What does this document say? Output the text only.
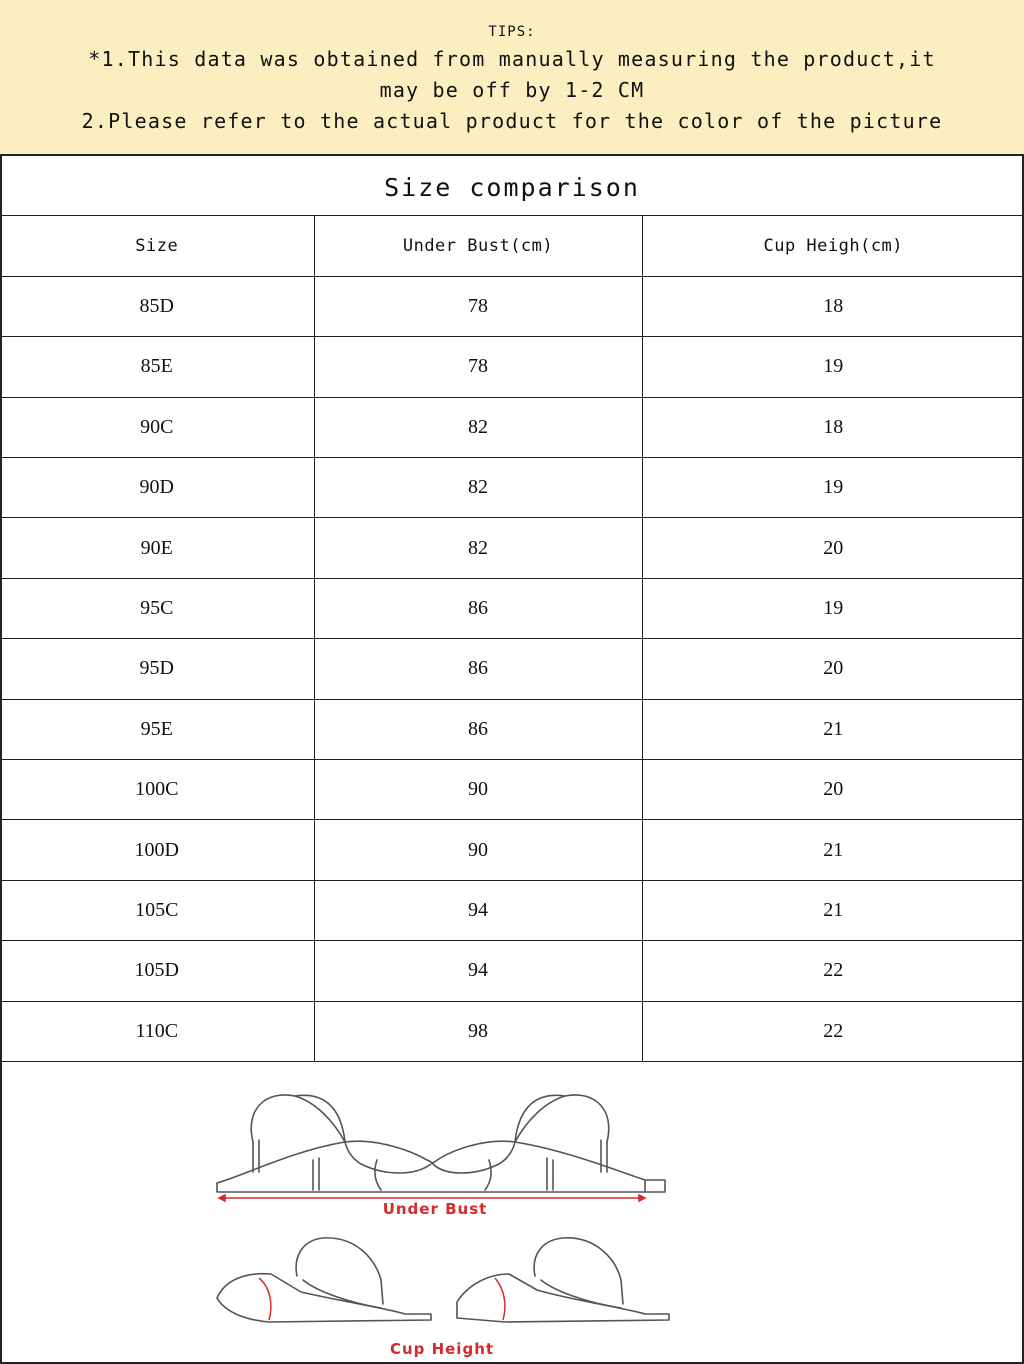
TIPS:
*1.This data was obtained from manually measuring the product,it
may be off by 1-2 CM
2.Please refer to the actual product for the color of the picture
Size comparison
Size	Under Bust(cm)	Cup Heigh(cm)
85D	78	18
85E	78	19
90C	82	18
90D	82	19
90E	82	20
95C	86	19
95D	86	20
95E	86	21
100C	90	20
100D	90	21
105C	94	21
105D	94	22
110C	98	22
Under Bust
Cup Height
